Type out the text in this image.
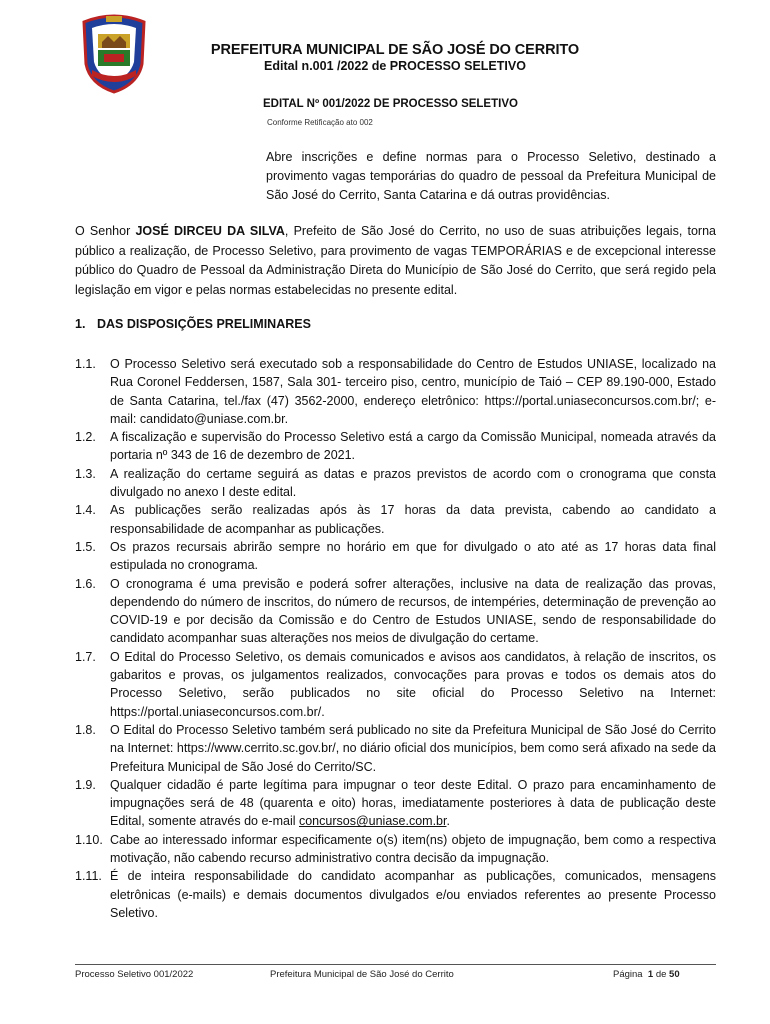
PREFEITURA MUNICIPAL DE SÃO JOSÉ DO CERRITO
Edital n.001 /2022 de PROCESSO SELETIVO
EDITAL Nº 001/2022 DE PROCESSO SELETIVO
Conforme Retificação ato 002
Abre inscrições e define normas para o Processo Seletivo, destinado a provimento vagas temporárias do quadro de pessoal da Prefeitura Municipal de São José do Cerrito, Santa Catarina e dá outras providências.
O Senhor JOSÉ DIRCEU DA SILVA, Prefeito de São José do Cerrito, no uso de suas atribuições legais, torna público a realização, de Processo Seletivo, para provimento de vagas TEMPORÁRIAS e de excepcional interesse público do Quadro de Pessoal da Administração Direta do Município de São José do Cerrito, que será regido pela legislação em vigor e pelas normas estabelecidas no presente edital.
1. DAS DISPOSIÇÕES PRELIMINARES
1.1.	O Processo Seletivo será executado sob a responsabilidade do Centro de Estudos UNIASE, localizado na Rua Coronel Feddersen, 1587, Sala 301- terceiro piso, centro, município de Taió – CEP 89.190-000, Estado de Santa Catarina, tel./fax (47) 3562-2000, endereço eletrônico: https://portal.uniaseconcursos.com.br/; e-mail: candidato@uniase.com.br.
1.2.	A fiscalização e supervisão do Processo Seletivo está a cargo da Comissão Municipal, nomeada através da portaria nº 343 de 16 de dezembro de 2021.
1.3.	A realização do certame seguirá as datas e prazos previstos de acordo com o cronograma que consta divulgado no anexo I deste edital.
1.4.	As publicações serão realizadas após às 17 horas da data prevista, cabendo ao candidato a responsabilidade de acompanhar as publicações.
1.5.	Os prazos recursais abrirão sempre no horário em que for divulgado o ato até as 17 horas data final estipulada no cronograma.
1.6.	O cronograma é uma previsão e poderá sofrer alterações, inclusive na data de realização das provas, dependendo do número de inscritos, do número de recursos, de intempéries, determinação de prevenção ao COVID-19 e por decisão da Comissão e do Centro de Estudos UNIASE, sendo de responsabilidade do candidato acompanhar suas alterações nos meios de divulgação do certame.
1.7.	O Edital do Processo Seletivo, os demais comunicados e avisos aos candidatos, à relação de inscritos, os gabaritos e provas, os julgamentos realizados, convocações para provas e todos os demais atos do Processo Seletivo, serão publicados no site oficial do Processo Seletivo na Internet: https://portal.uniaseconcursos.com.br/.
1.8.	O Edital do Processo Seletivo também será publicado no site da Prefeitura Municipal de São José do Cerrito na Internet: https://www.cerrito.sc.gov.br/, no diário oficial dos municípios, bem como será afixado na sede da Prefeitura Municipal de São José do Cerrito/SC.
1.9.	Qualquer cidadão é parte legítima para impugnar o teor deste Edital. O prazo para encaminhamento de impugnações será de 48 (quarenta e oito) horas, imediatamente posteriores à data de publicação deste Edital, somente através do e-mail concursos@uniase.com.br.
1.10. Cabe ao interessado informar especificamente o(s) item(ns) objeto de impugnação, bem como a respectiva motivação, não cabendo recurso administrativo contra decisão da impugnação.
1.11. É de inteira responsabilidade do candidato acompanhar as publicações, comunicados, mensagens eletrônicas (e-mails) e demais documentos divulgados e/ou enviados referentes ao presente Processo Seletivo.
Processo Seletivo 001/2022	Prefeitura Municipal de São José do Cerrito	Página 1 de 50
